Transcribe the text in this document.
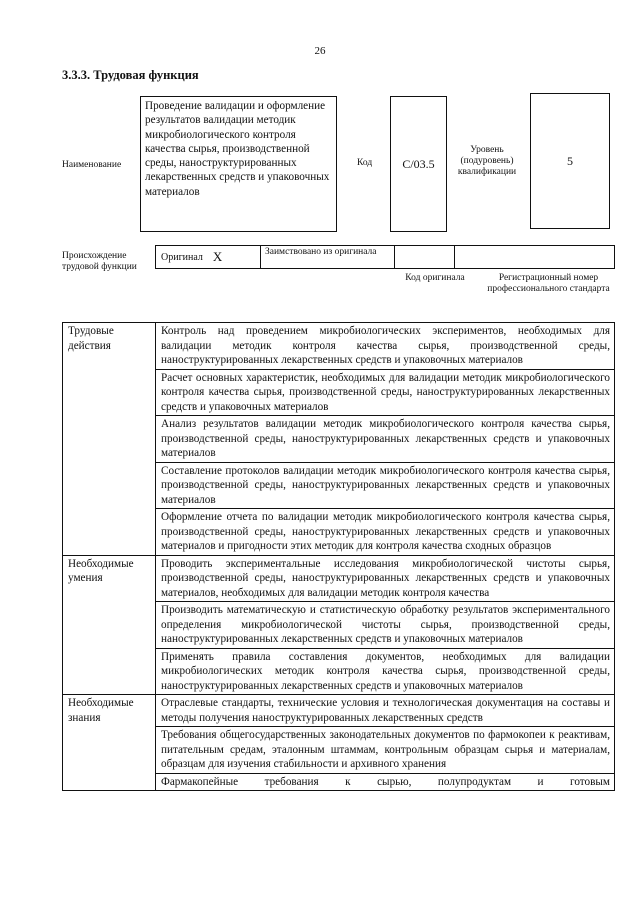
26
3.3.3. Трудовая функция
Наименование
Проведение валидации и оформление результатов валидации методик микробиологического контроля качества сырья, производственной среды, наноструктурированных лекарственных средств и упаковочных материалов
Код	С/03.5
Уровень (подуровень) квалификации
5
Происхождение трудовой функции
Оригинал X	Заимствовано из оригинала
Код оригинала	Регистрационный номер профессионального стандарта
Трудовые действия	Контроль над проведением микробиологических экспериментов, необходимых для валидации методик контроля качества сырья, производственной среды, наноструктурированных лекарственных средств и упаковочных материалов
	Расчет основных характеристик, необходимых для валидации методик микробиологического контроля качества сырья, производственной среды, наноструктурированных лекарственных средств и упаковочных материалов
	Анализ результатов валидации методик микробиологического контроля качества сырья, производственной среды, наноструктурированных лекарственных средств и упаковочных материалов
	Составление протоколов валидации методик микробиологического контроля качества сырья, производственной среды, наноструктурированных лекарственных средств и упаковочных материалов
	Оформление отчета по валидации методик микробиологического контроля качества сырья, производственной среды, наноструктурированных лекарственных средств и упаковочных материалов и пригодности этих методик для контроля качества сходных образцов
Необходимые умения	Проводить экспериментальные исследования микробиологической чистоты сырья, производственной среды, наноструктурированных лекарственных средств и упаковочных материалов, необходимых для валидации методик контроля качества
	Производить математическую и статистическую обработку результатов экспериментального определения микробиологической чистоты сырья, производственной среды, наноструктурированных лекарственных средств и упаковочных материалов
	Применять правила составления документов, необходимых для валидации микробиологических методик контроля качества сырья, производственной среды, наноструктурированных лекарственных средств и упаковочных материалов
Необходимые знания	Отраслевые стандарты, технические условия и технологическая документация на составы и методы получения наноструктурированных лекарственных средств
	Требования общегосударственных законодательных документов по фармокопеи к реактивам, питательным средам, эталонным штаммам, контрольным образцам сырья и материалам, образцам для изучения стабильности и архивного хранения
	Фармакопейные требования к сырью, полупродуктам и готовым
